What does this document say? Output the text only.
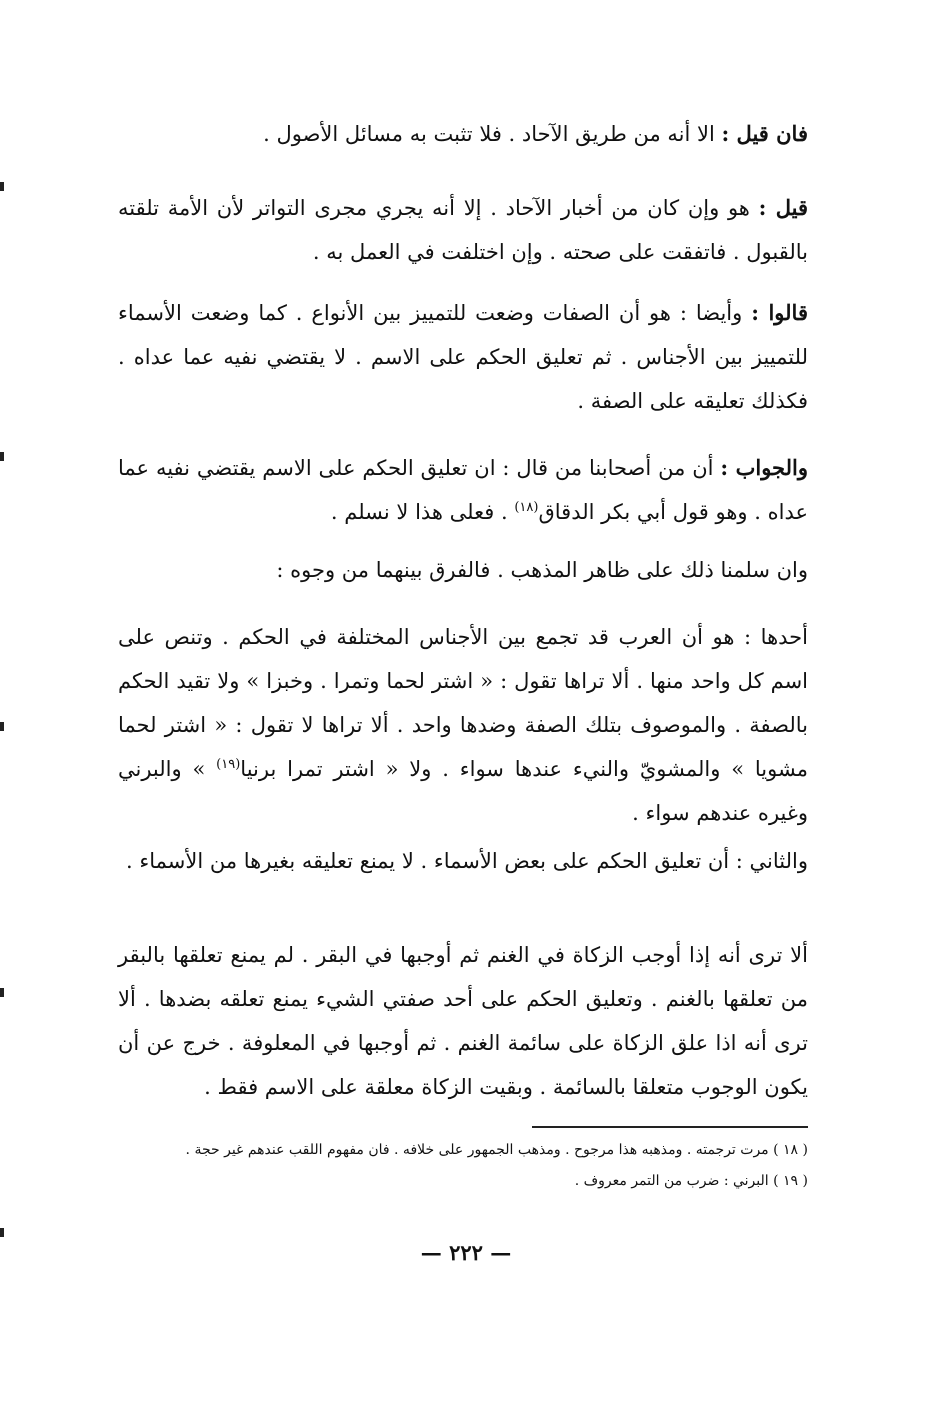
فان قيل : الا أنه من طريق الآحاد . فلا تثبت به مسائل الأصول .

قيل : هو وإن كان من أخبار الآحاد . إلا أنه يجري مجرى التواتر لأن الأمة تلقته بالقبول . فاتفقت على صحته . وإن اختلفت في العمل به .

قالوا : وأيضا : هو أن الصفات وضعت للتمييز بين الأنواع . كما وضعت الأسماء للتمييز بين الأجناس . ثم تعليق الحكم على الاسم . لا يقتضي نفيه عما عداه . فكذلك تعليقه على الصفة .

والجواب : أن من أصحابنا من قال : ان تعليق الحكم على الاسم يقتضي نفيه عما عداه . وهو قول أبي بكر الدقاق$^{(١٨)}$ . فعلى هذا لا نسلم .

وان سلمنا ذلك على ظاهر المذهب . فالفرق بينهما من وجوه :

أحدها : هو أن العرب قد تجمع بين الأجناس المختلفة في الحكم . وتنص على اسم كل واحد منها . ألا تراها تقول : « اشتر لحما وتمرا . وخبزا » ولا تقيد الحكم بالصفة . والموصوف بتلك الصفة وضدها واحد . ألا تراها لا تقول : « اشتر لحما مشويا » والمشويّ والنيء عندها سواء . ولا « اشتر تمرا برنيا$^{(١٩)}$ » والبرني وغيره عندهم سواء .

والثاني : أن تعليق الحكم على بعض الأسماء . لا يمنع تعليقه بغيرها من الأسماء .

ألا ترى أنه إذا أوجب الزكاة في الغنم ثم أوجبها في البقر . لم يمنع تعلقها بالبقر من تعلقها بالغنم . وتعليق الحكم على أحد صفتي الشيء يمنع تعلقه بضدها . ألا ترى أنه اذا علق الزكاة على سائمة الغنم . ثم أوجبها في المعلوفة . خرج عن أن يكون الوجوب متعلقا بالسائمة . وبقيت الزكاة معلقة على الاسم فقط .

( ١٨ ) مرت ترجمته . ومذهبه هذا مرجوح . ومذهب الجمهور على خلافه . فان مفهوم اللقب عندهم غير حجة .

( ١٩ ) البرني : ضرب من التمر معروف .

— ٢٢٢ —
